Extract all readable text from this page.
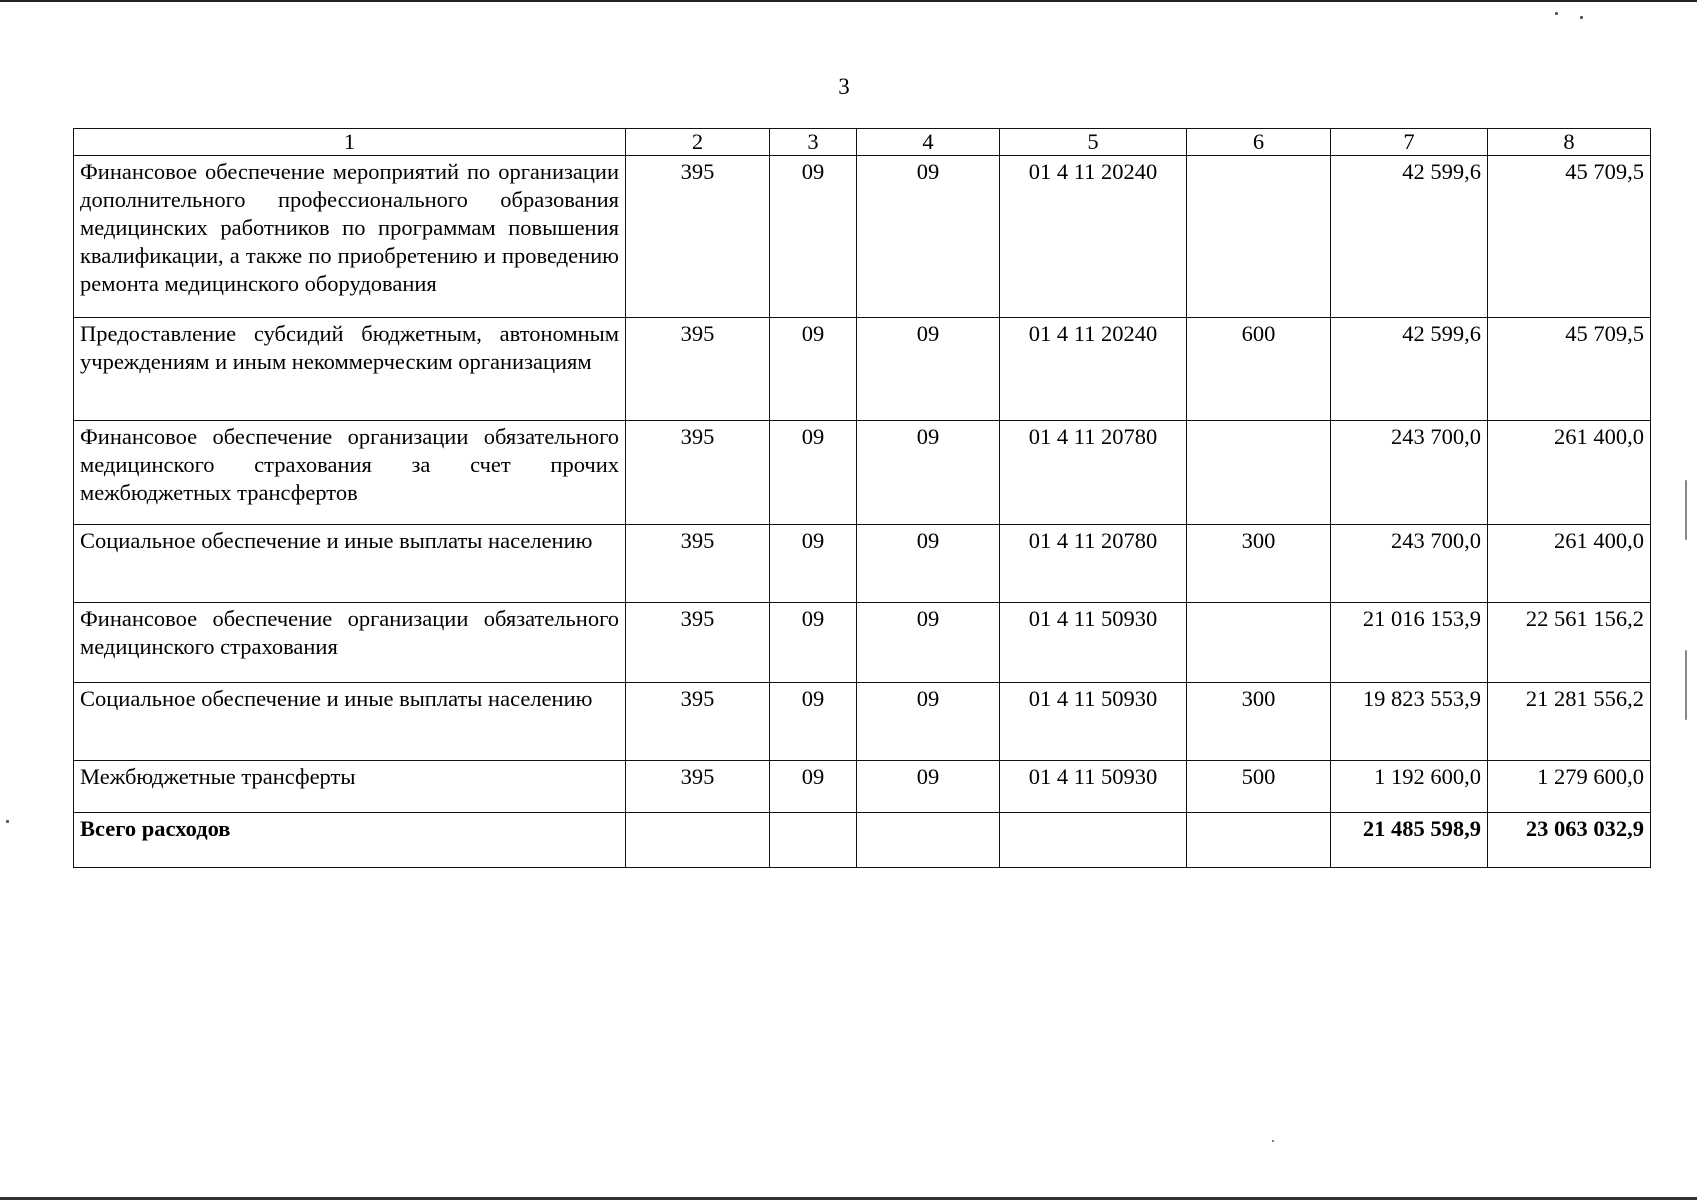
3
1	2	3	4	5	6	7	8
Финансовое обеспечение мероприятий по организации дополнительного профессионального образования медицинских работников по программам повышения квалификации, а также по приобретению и проведению ремонта медицинского оборудования	395	09	09	01 4 11 20240		42 599,6	45 709,5
Предоставление субсидий бюджетным, автономным учреждениям и иным некоммерческим организациям	395	09	09	01 4 11 20240	600	42 599,6	45 709,5
Финансовое обеспечение организации обязательного медицинского страхования за счет прочих межбюджетных трансфертов	395	09	09	01 4 11 20780		243 700,0	261 400,0
Социальное обеспечение и иные выплаты населению	395	09	09	01 4 11 20780	300	243 700,0	261 400,0
Финансовое обеспечение организации обязательного медицинского страхования	395	09	09	01 4 11 50930		21 016 153,9	22 561 156,2
Социальное обеспечение и иные выплаты населению	395	09	09	01 4 11 50930	300	19 823 553,9	21 281 556,2
Межбюджетные трансферты	395	09	09	01 4 11 50930	500	1 192 600,0	1 279 600,0
Всего расходов						21 485 598,9	23 063 032,9
